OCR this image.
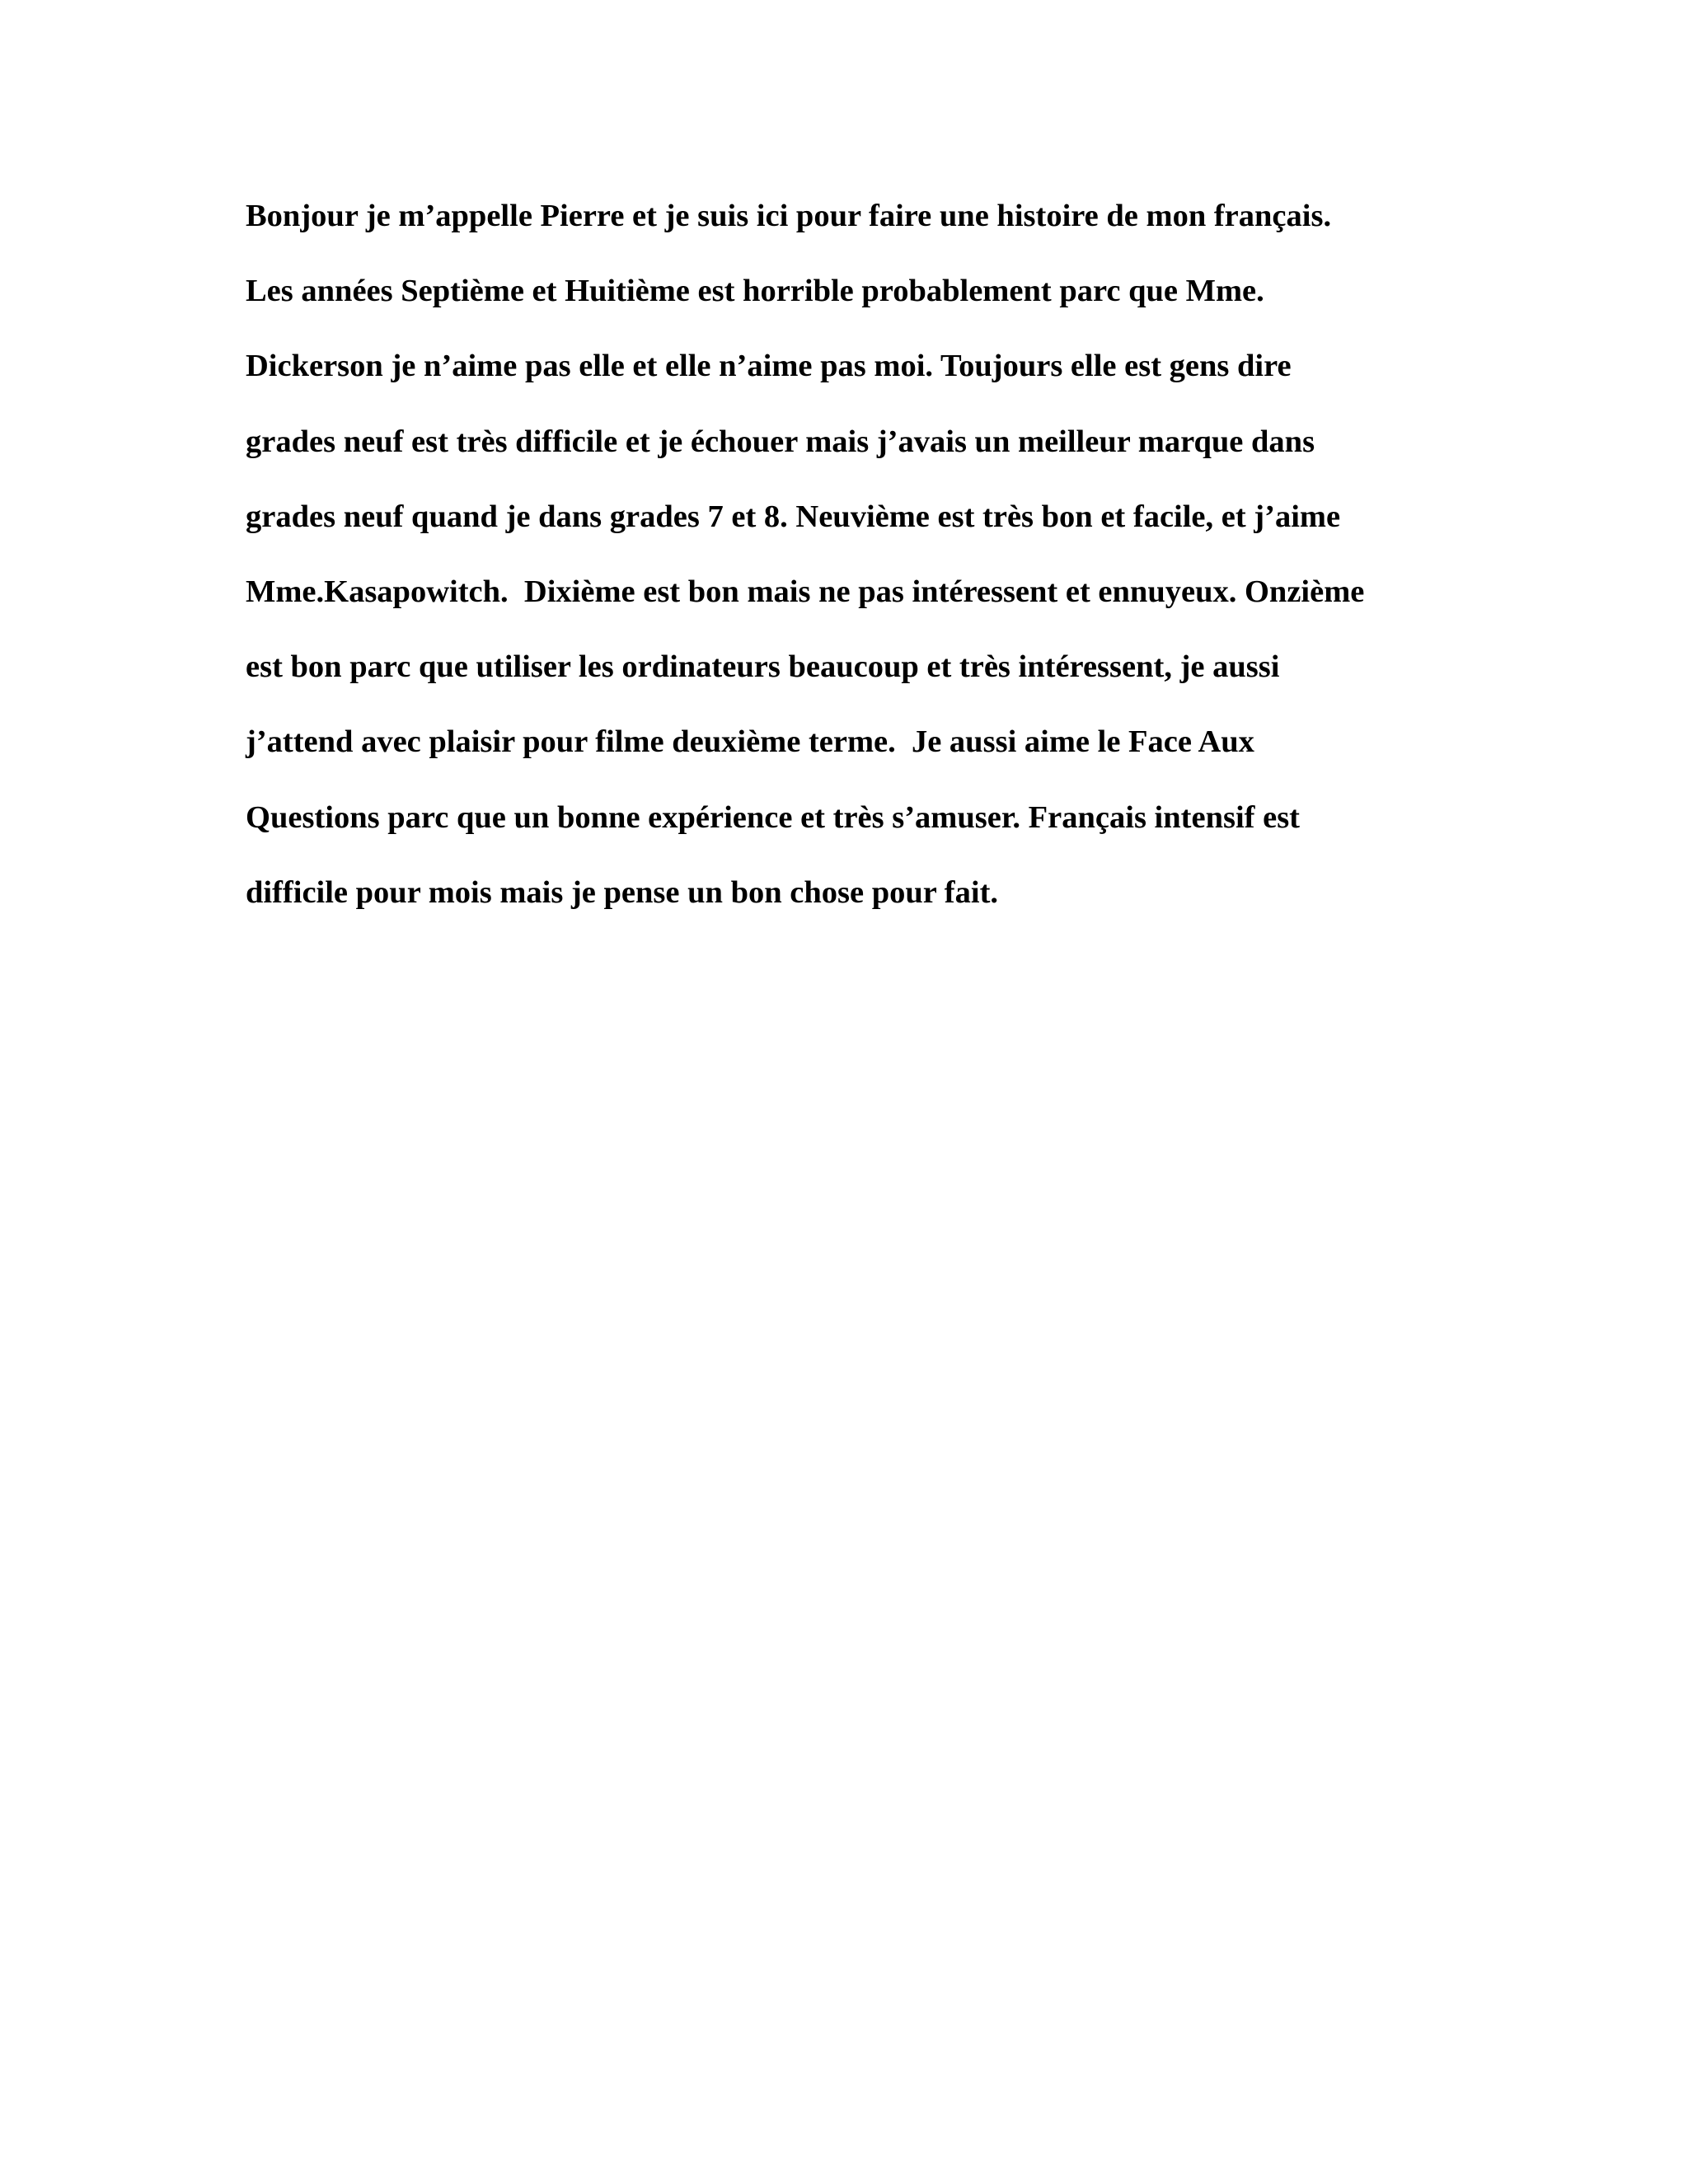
Bonjour je m’appelle Pierre et je suis ici pour faire une histoire de mon français.
Les années Septième et Huitième est horrible probablement parc que Mme.
Dickerson je n’aime pas elle et elle n’aime pas moi. Toujours elle est gens dire
grades neuf est très difficile et je échouer mais j’avais un meilleur marque dans
grades neuf quand je dans grades 7 et 8. Neuvième est très bon et facile, et j’aime
Mme.Kasapowitch.  Dixième est bon mais ne pas intéressent et ennuyeux. Onzième
est bon parc que utiliser les ordinateurs beaucoup et très intéressent, je aussi
j’attend avec plaisir pour filme deuxième terme.  Je aussi aime le Face Aux
Questions parc que un bonne expérience et très s’amuser. Français intensif est
difficile pour mois mais je pense un bon chose pour fait.
